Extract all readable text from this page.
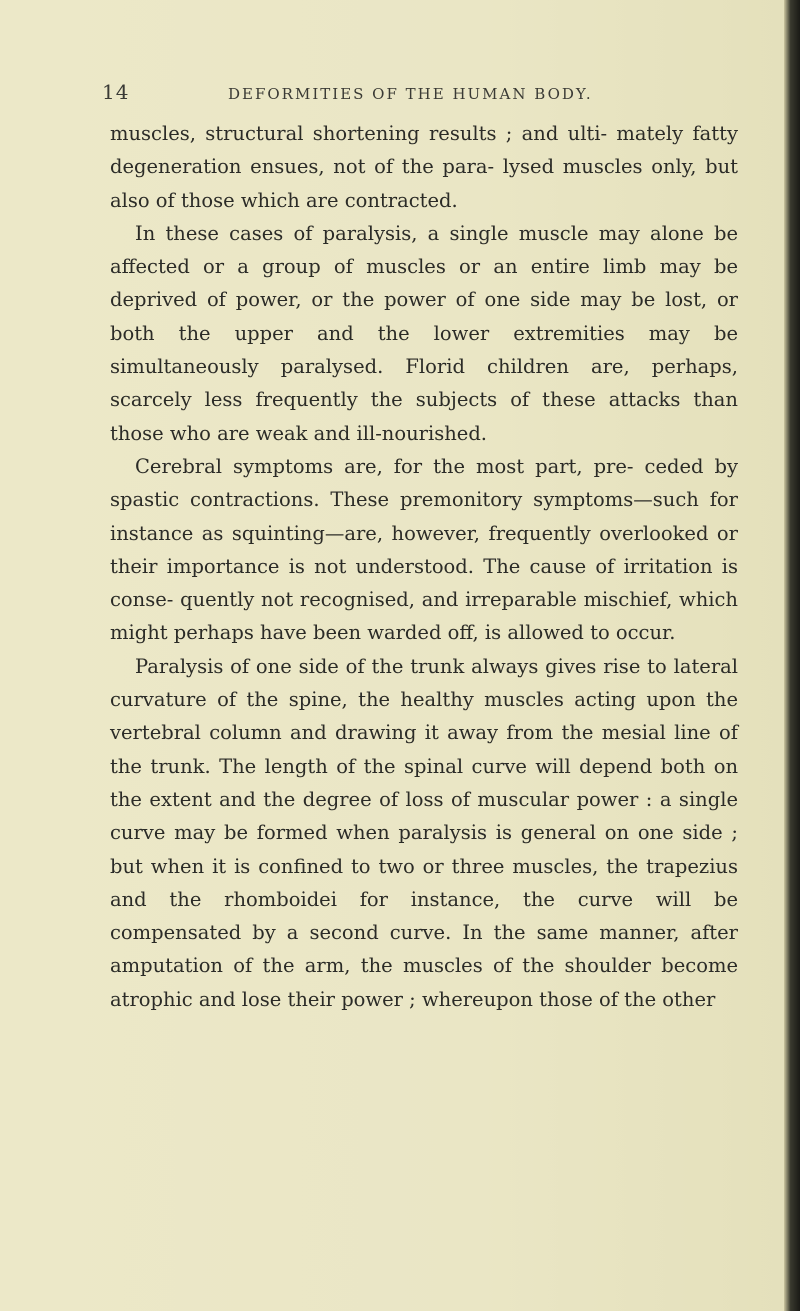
14	DEFORMITIES OF THE HUMAN BODY.

muscles, structural shortening results ; and ulti- mately fatty degeneration ensues, not of the para- lysed muscles only, but also of those which are contracted.

In these cases of paralysis, a single muscle may alone be affected or a group of muscles or an entire limb may be deprived of power, or the power of one side may be lost, or both the upper and the lower extremities may be simultaneously paralysed. Florid children are, perhaps, scarcely less frequently the subjects of these attacks than those who are weak and ill-nourished.

Cerebral symptoms are, for the most part, pre- ceded by spastic contractions. These premonitory symptoms—such for instance as squinting—are, however, frequently overlooked or their importance is not understood. The cause of irritation is conse- quently not recognised, and irreparable mischief, which might perhaps have been warded off, is allowed to occur.

Paralysis of one side of the trunk always gives rise to lateral curvature of the spine, the healthy muscles acting upon the vertebral column and drawing it away from the mesial line of the trunk. The length of the spinal curve will depend both on the extent and the degree of loss of muscular power : a single curve may be formed when paralysis is general on one side ; but when it is confined to two or three muscles, the trapezius and the rhomboidei for instance, the curve will be compensated by a second curve. In the same manner, after amputation of the arm, the muscles of the shoulder become atrophic and lose their power ; whereupon those of the other
